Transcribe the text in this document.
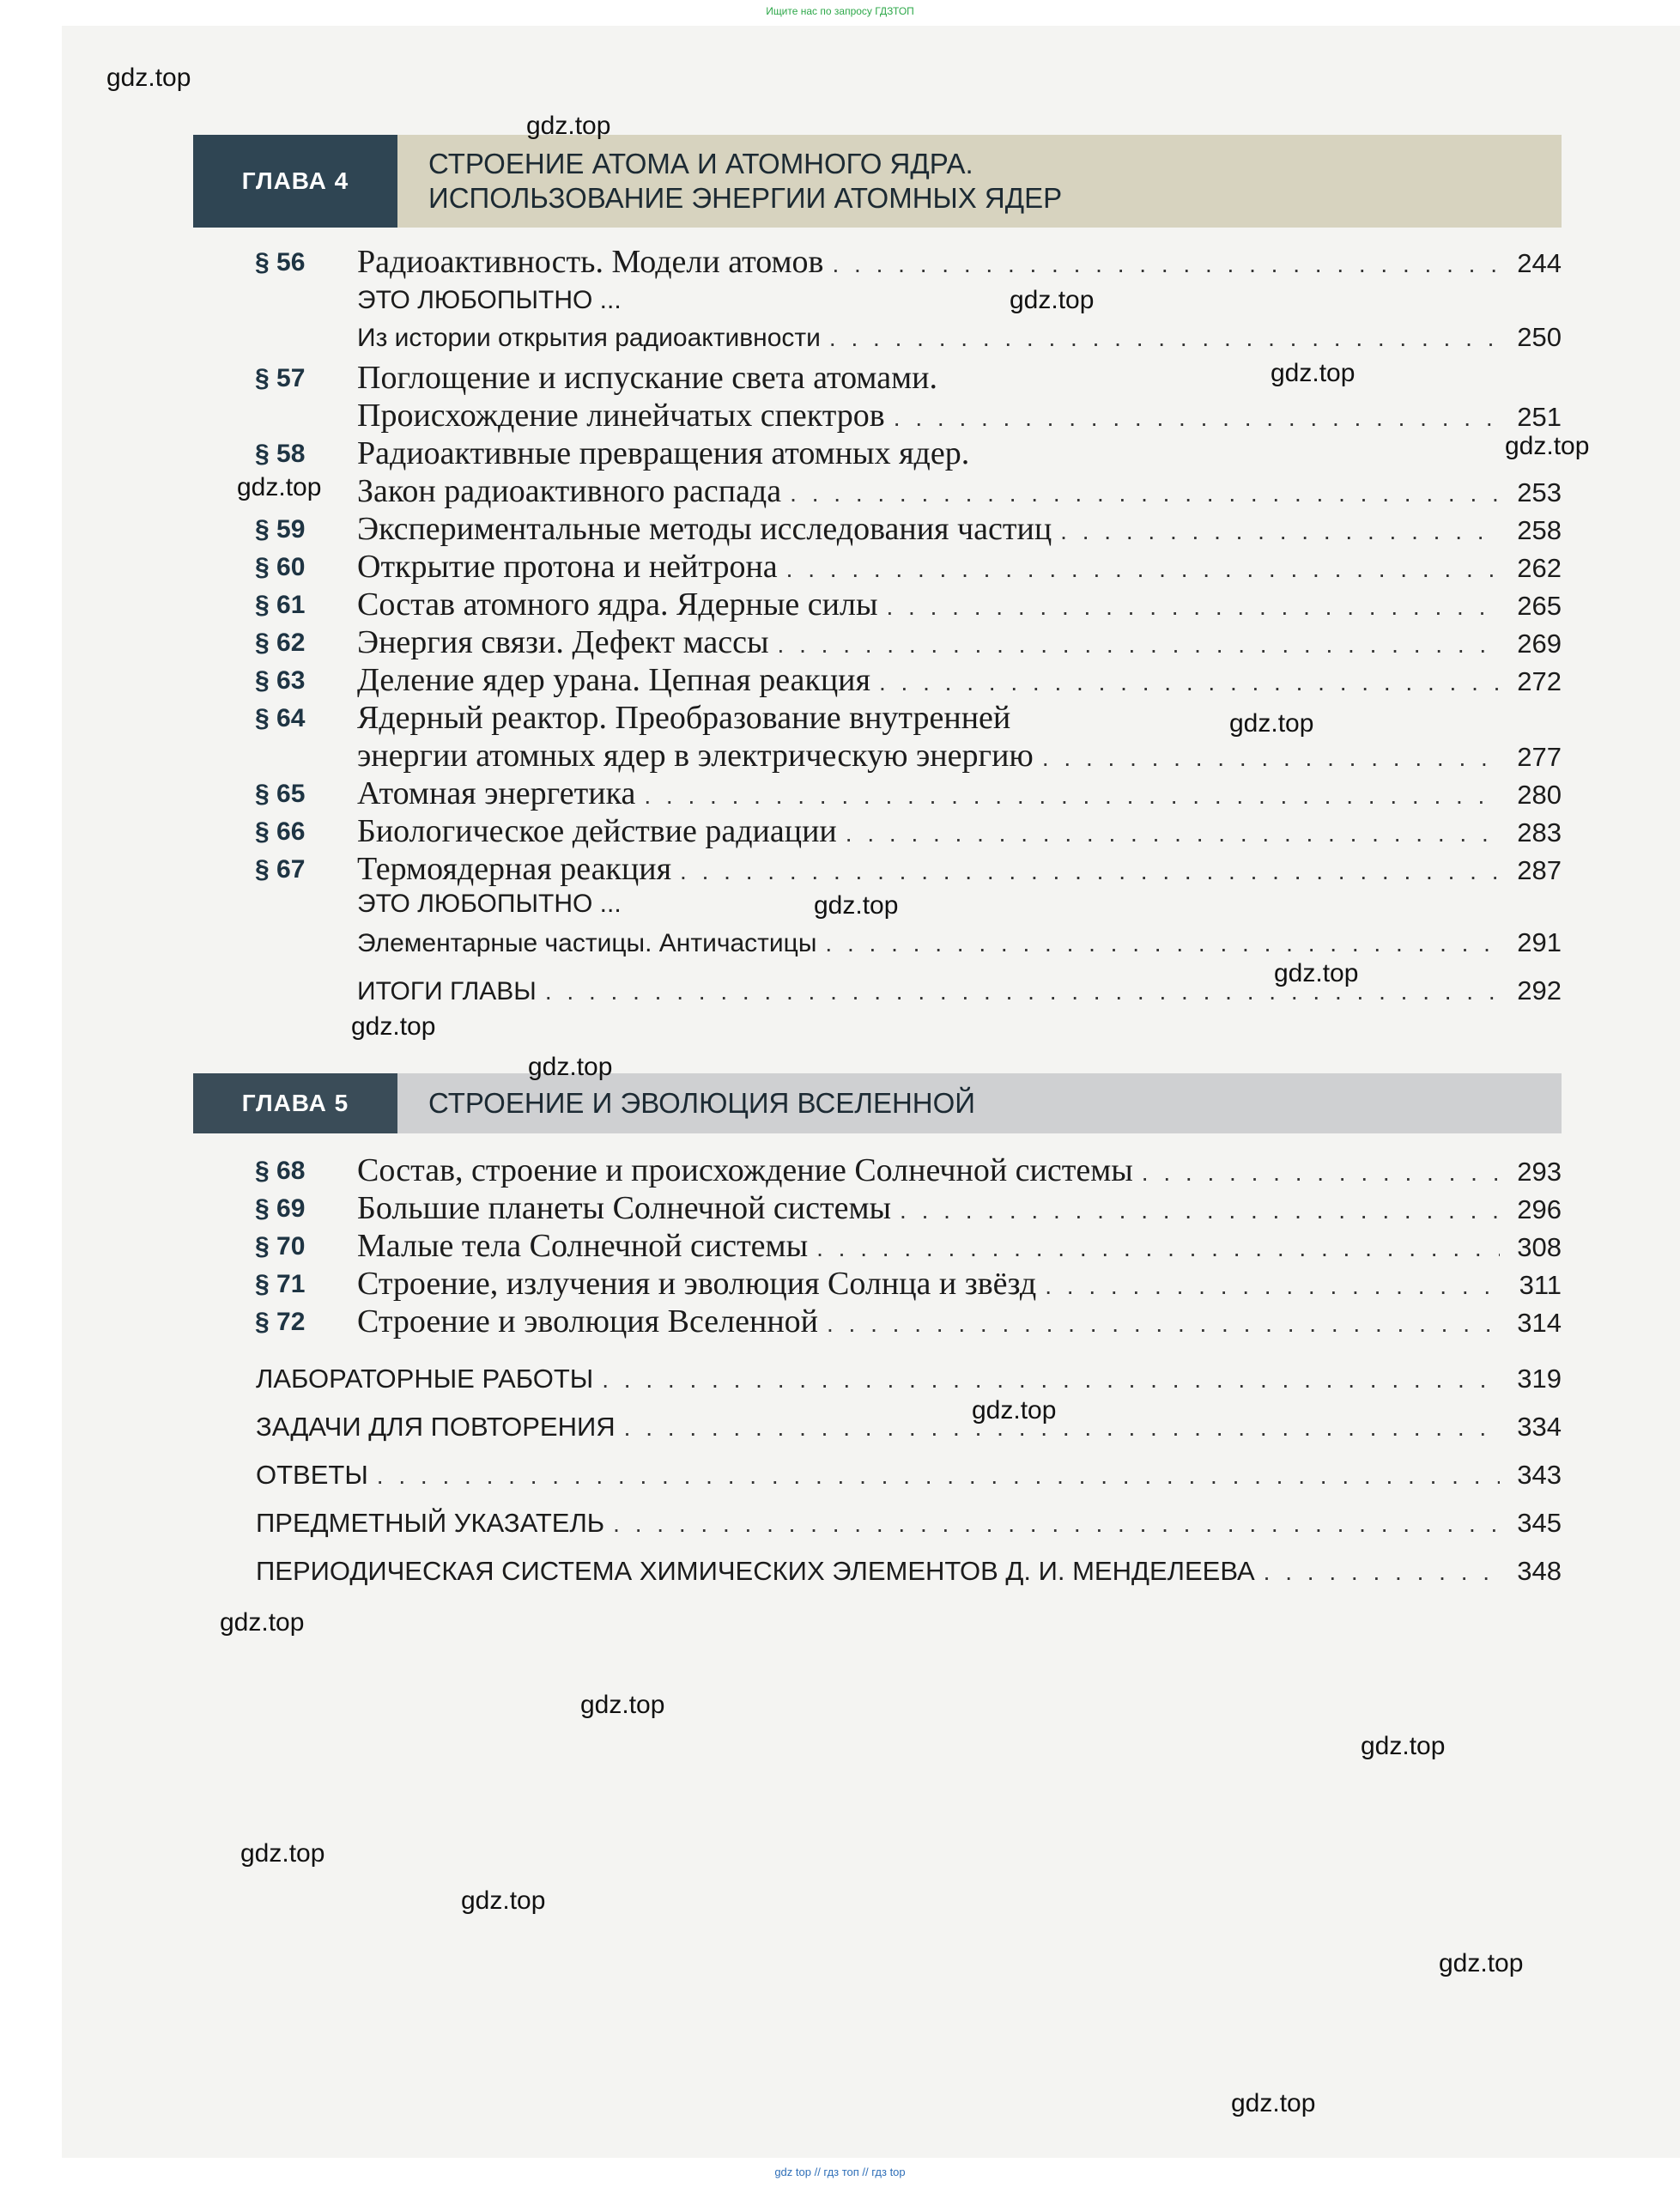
Ищите нас по запросу ГДЗТОП
ГЛАВА 4
СТРОЕНИЕ АТОМА И АТОМНОГО ЯДРА.
ИСПОЛЬЗОВАНИЕ ЭНЕРГИИ АТОМНЫХ ЯДЕР
§ 56 Радиоактивность. Модели атомов . . .	244
ЭТО ЛЮБОПЫТНО ...
Из истории открытия радиоактивности . . .	250
§ 57 Поглощение и испускание света атомами.
Происхождение линейчатых спектров . . .	251
§ 58 Радиоактивные превращения атомных ядер.
Закон радиоактивного распада . . .	253
§ 59 Экспериментальные методы исследования частиц . . .	258
§ 60 Открытие протона и нейтрона . . .	262
§ 61 Состав атомного ядра. Ядерные силы . . .	265
§ 62 Энергия связи. Дефект массы . . .	269
§ 63 Деление ядер урана. Цепная реакция . . .	272
§ 64 Ядерный реактор. Преобразование внутренней
энергии атомных ядер в электрическую энергию . . .	277
§ 65 Атомная энергетика . . .	280
§ 66 Биологическое действие радиации . . .	283
§ 67 Термоядерная реакция . . .	287
ЭТО ЛЮБОПЫТНО ...
Элементарные частицы. Античастицы . . .	291
ИТОГИ ГЛАВЫ . . .	292
ГЛАВА 5	СТРОЕНИЕ И ЭВОЛЮЦИЯ ВСЕЛЕННОЙ
§ 68 Состав, строение и происхождение Солнечной системы . . .	293
§ 69 Большие планеты Солнечной системы . . .	296
§ 70 Малые тела Солнечной системы . . .	308
§ 71 Строение, излучения и эволюция Солнца и звёзд . . .	311
§ 72 Строение и эволюция Вселенной . . .	314
ЛАБОРАТОРНЫЕ РАБОТЫ . . .	319
ЗАДАЧИ ДЛЯ ПОВТОРЕНИЯ . . .	334
ОТВЕТЫ . . .	343
ПРЕДМЕТНЫЙ УКАЗАТЕЛЬ . . .	345
ПЕРИОДИЧЕСКАЯ СИСТЕМА ХИМИЧЕСКИХ ЭЛЕМЕНТОВ Д. И. МЕНДЕЛЕЕВА . . .	348
gdz.top
gdz.top
gdz.top
gdz.top
gdz.top
gdz.top
gdz.top
gdz.top
gdz.top
gdz.top
gdz.top
gdz.top
gdz.top
gdz.top
gdz.top
gdz.top
gdz.top
gdz.top
gdz.top
gdz top // гдз топ // гдз top
